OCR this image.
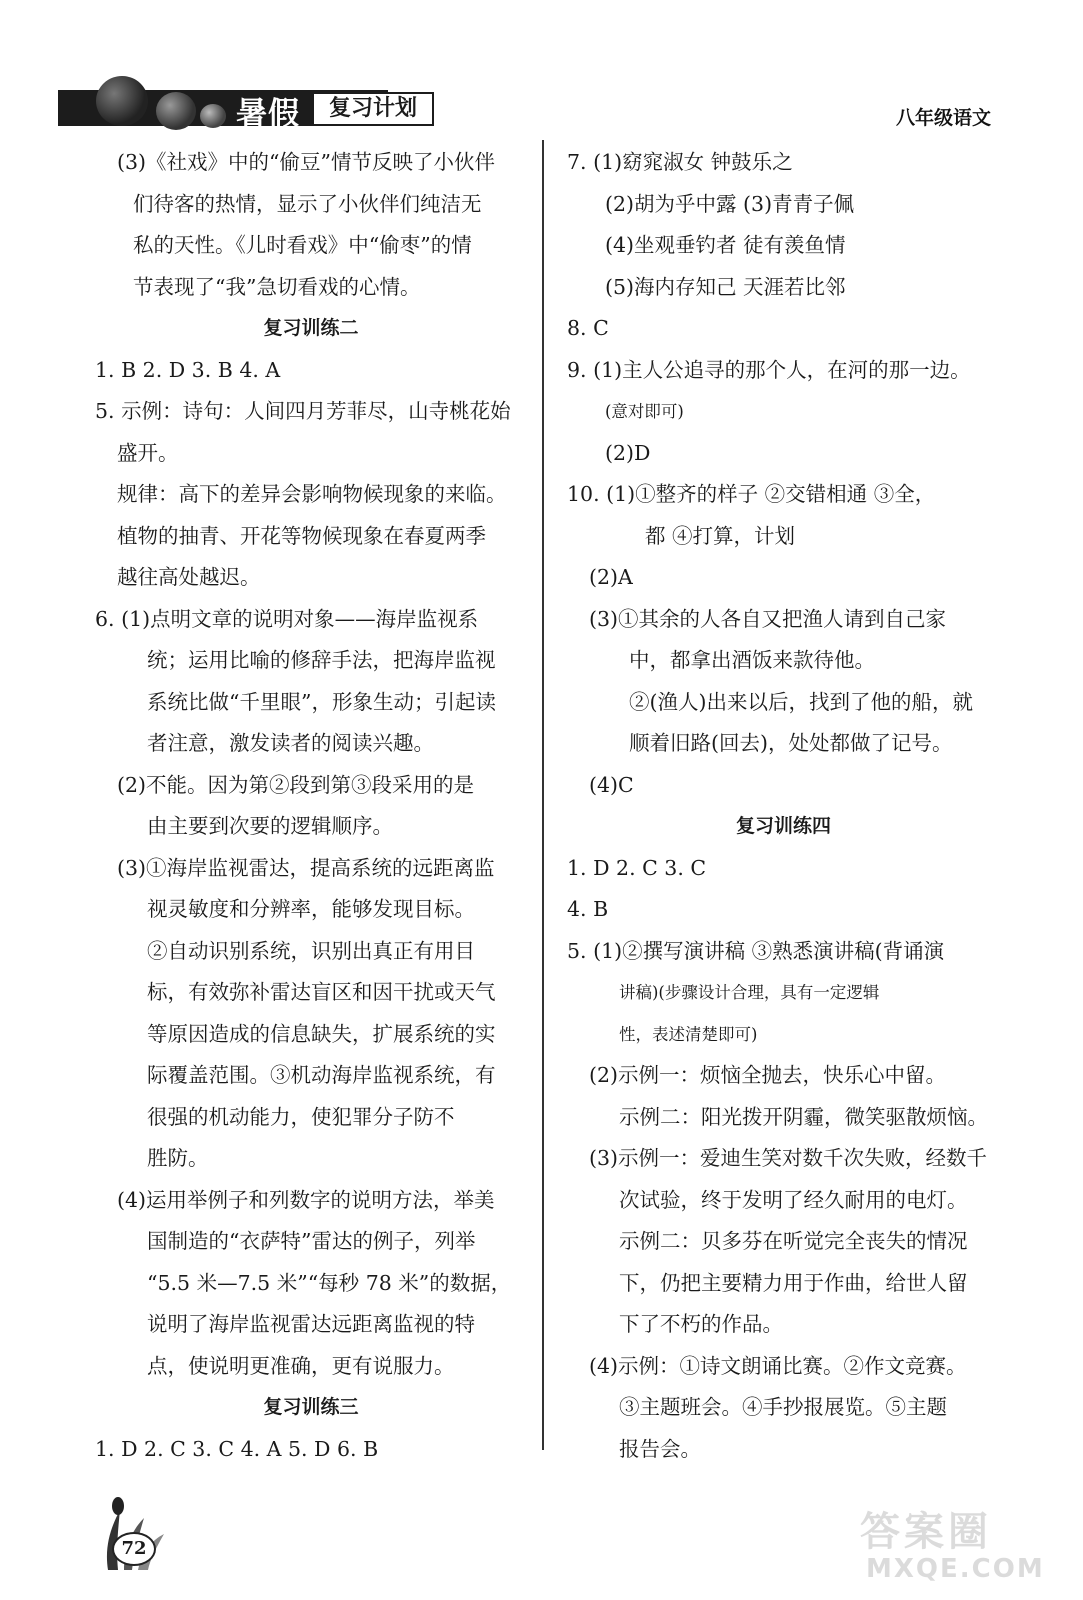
暑假	复习计划	八年级语文
(3)《社戏》中的“偷豆”情节反映了小伙伴
们待客的热情，显示了小伙伴们纯洁无
私的天性。《儿时看戏》中“偷枣”的情
节表现了“我”急切看戏的心情。
复习训练二
1. B 2. D 3. B 4. A
5. 示例：诗句：人间四月芳菲尽，山寺桃花始
盛开。
规律：高下的差异会影响物候现象的来临。
植物的抽青、开花等物候现象在春夏两季
越往高处越迟。
6. (1)点明文章的说明对象——海岸监视系
统；运用比喻的修辞手法，把海岸监视
系统比做“千里眼”，形象生动；引起读
者注意，激发读者的阅读兴趣。
(2)不能。因为第②段到第③段采用的是
由主要到次要的逻辑顺序。
(3)①海岸监视雷达，提高系统的远距离监
视灵敏度和分辨率，能够发现目标。
②自动识别系统，识别出真正有用目
标，有效弥补雷达盲区和因干扰或天气
等原因造成的信息缺失，扩展系统的实
际覆盖范围。③机动海岸监视系统，有
很强的机动能力，使犯罪分子防不
胜防。
(4)运用举例子和列数字的说明方法，举美
国制造的“衣萨特”雷达的例子，列举
“5.5 米—7.5 米”“每秒 78 米”的数据，
说明了海岸监视雷达远距离监视的特
点，使说明更准确，更有说服力。
复习训练三
1. D 2. C 3. C 4. A 5. D 6. B
7. (1)窈窕淑女 钟鼓乐之
(2)胡为乎中露 (3)青青子佩
(4)坐观垂钓者 徒有羡鱼情
(5)海内存知己 天涯若比邻
8. C
9. (1)主人公追寻的那个人，在河的那一边。
(意对即可)
(2)D
10. (1)①整齐的样子 ②交错相通 ③全，
都 ④打算，计划
(2)A
(3)①其余的人各自又把渔人请到自己家
中，都拿出酒饭来款待他。
②(渔人)出来以后，找到了他的船，就
顺着旧路(回去)，处处都做了记号。
(4)C
复习训练四
1. D 2. C 3. C
4. B
5. (1)②撰写演讲稿 ③熟悉演讲稿(背诵演
讲稿)(步骤设计合理，具有一定逻辑
性，表述清楚即可)
(2)示例一：烦恼全抛去，快乐心中留。
示例二：阳光拨开阴霾，微笑驱散烦恼。
(3)示例一：爱迪生笑对数千次失败，经数千
次试验，终于发明了经久耐用的电灯。
示例二：贝多芬在听觉完全丧失的情况
下，仍把主要精力用于作曲，给世人留
下了不朽的作品。
(4)示例：①诗文朗诵比赛。②作文竞赛。
③主题班会。④手抄报展览。⑤主题
报告会。
72	答案圈
MXQE.COM
